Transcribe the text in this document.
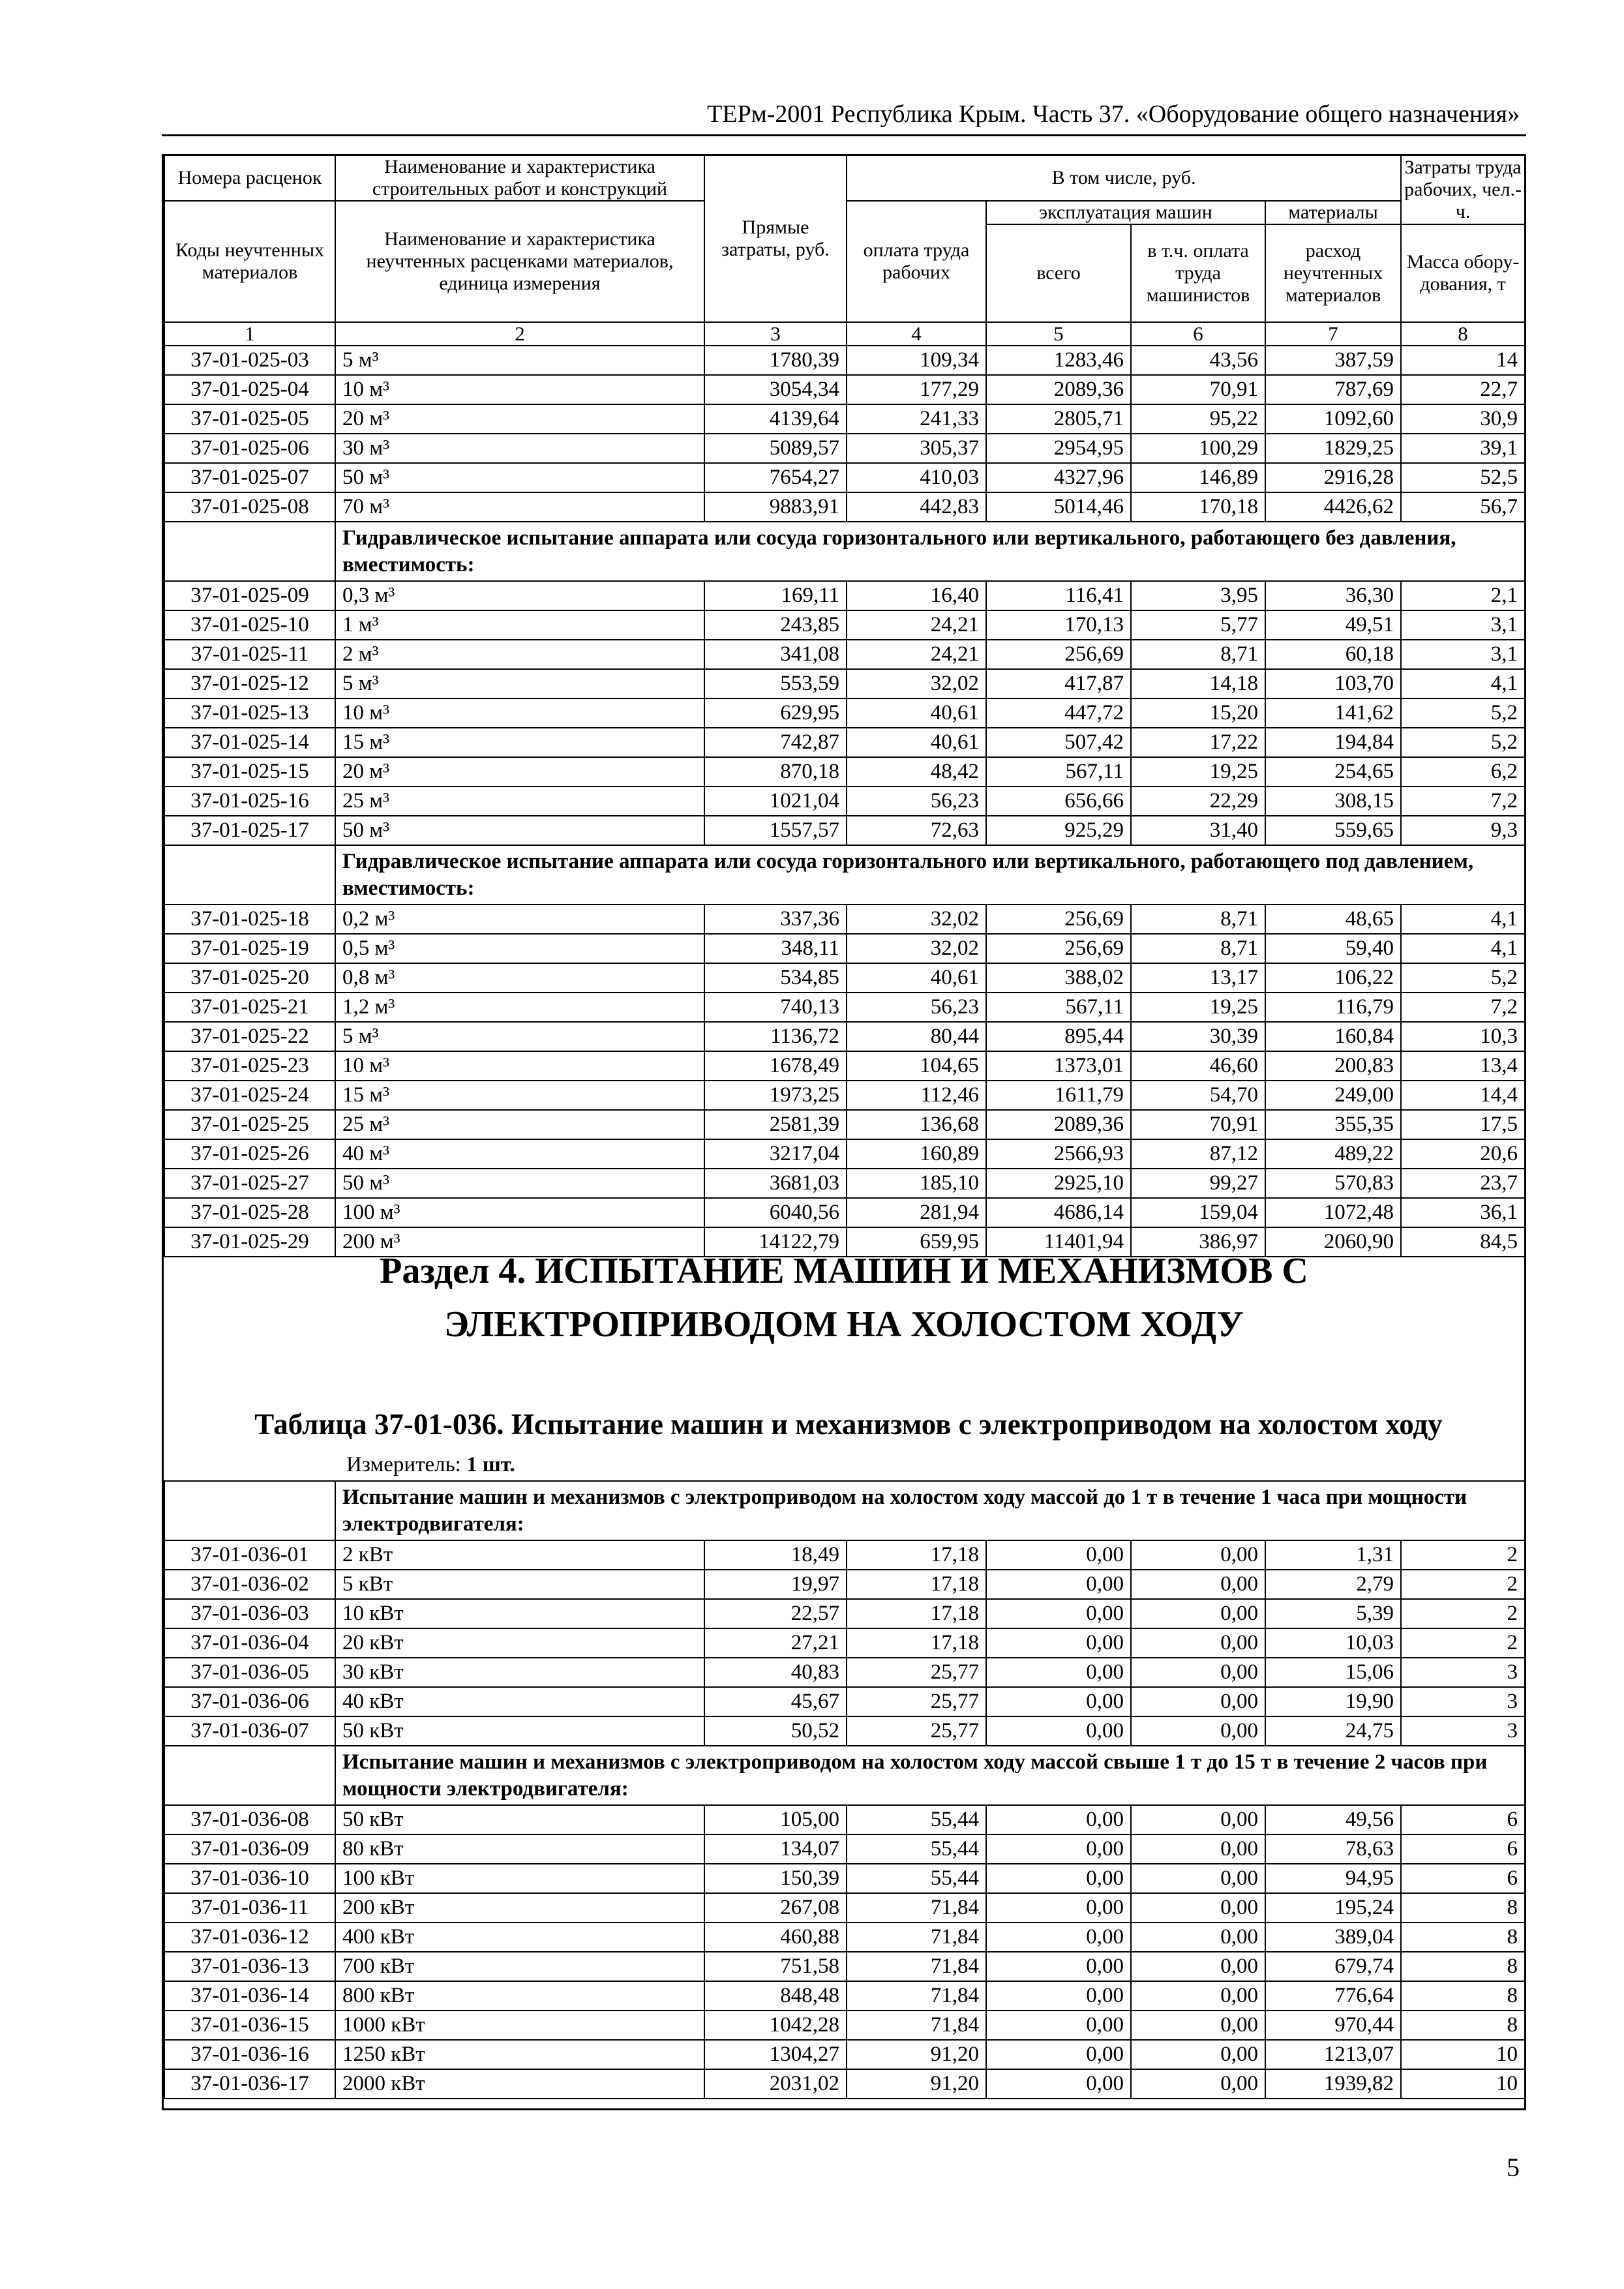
ТЕРм-2001 Республика Крым. Часть 37. «Оборудование общего назначения»
Номера расценок	Наименование и характеристика строительных работ и конструкций	Прямые затраты, руб.	В том числе, руб.				Затраты труда рабочих, чел.-ч.
Коды неучтенных материалов	Наименование и характеристика неучтенных расценками материалов, единица измерения		оплата труда рабочих	эксплуатация машин		материалы	
				всего	в т.ч. оплата труда машинистов	расход неучтенных материалов	Масса обору-дования, т
1	2	3	4	5	6	7	8
37-01-025-03	5 м³	1780,39	109,34	1283,46	43,56	387,59	14
37-01-025-04	10 м³	3054,34	177,29	2089,36	70,91	787,69	22,7
37-01-025-05	20 м³	4139,64	241,33	2805,71	95,22	1092,60	30,9
37-01-025-06	30 м³	5089,57	305,37	2954,95	100,29	1829,25	39,1
37-01-025-07	50 м³	7654,27	410,03	4327,96	146,89	2916,28	52,5
37-01-025-08	70 м³	9883,91	442,83	5014,46	170,18	4426,62	56,7
	Гидравлическое испытание аппарата или сосуда горизонтального или вертикального, работающего без давления, вместимость:						
37-01-025-09	0,3 м³	169,11	16,40	116,41	3,95	36,30	2,1
37-01-025-10	1 м³	243,85	24,21	170,13	5,77	49,51	3,1
37-01-025-11	2 м³	341,08	24,21	256,69	8,71	60,18	3,1
37-01-025-12	5 м³	553,59	32,02	417,87	14,18	103,70	4,1
37-01-025-13	10 м³	629,95	40,61	447,72	15,20	141,62	5,2
37-01-025-14	15 м³	742,87	40,61	507,42	17,22	194,84	5,2
37-01-025-15	20 м³	870,18	48,42	567,11	19,25	254,65	6,2
37-01-025-16	25 м³	1021,04	56,23	656,66	22,29	308,15	7,2
37-01-025-17	50 м³	1557,57	72,63	925,29	31,40	559,65	9,3
	Гидравлическое испытание аппарата или сосуда горизонтального или вертикального, работающего под давлением, вместимость:						
37-01-025-18	0,2 м³	337,36	32,02	256,69	8,71	48,65	4,1
37-01-025-19	0,5 м³	348,11	32,02	256,69	8,71	59,40	4,1
37-01-025-20	0,8 м³	534,85	40,61	388,02	13,17	106,22	5,2
37-01-025-21	1,2 м³	740,13	56,23	567,11	19,25	116,79	7,2
37-01-025-22	5 м³	1136,72	80,44	895,44	30,39	160,84	10,3
37-01-025-23	10 м³	1678,49	104,65	1373,01	46,60	200,83	13,4
37-01-025-24	15 м³	1973,25	112,46	1611,79	54,70	249,00	14,4
37-01-025-25	25 м³	2581,39	136,68	2089,36	70,91	355,35	17,5
37-01-025-26	40 м³	3217,04	160,89	2566,93	87,12	489,22	20,6
37-01-025-27	50 м³	3681,03	185,10	2925,10	99,27	570,83	23,7
37-01-025-28	100 м³	6040,56	281,94	4686,14	159,04	1072,48	36,1
37-01-025-29	200 м³	14122,79	659,95	11401,94	386,97	2060,90	84,5
Раздел 4. ИСПЫТАНИЕ МАШИН И МЕХАНИЗМОВ С
ЭЛЕКТРОПРИВОДОМ НА ХОЛОСТОМ ХОДУ
Таблица 37-01-036. Испытание машин и механизмов с электроприводом на холостом ходу
Измеритель: 1 шт.
	Испытание машин и механизмов с электроприводом на холостом ходу массой до 1 т в течение 1 часа при мощности электродвигателя:						
37-01-036-01	2 кВт	18,49	17,18	0,00	0,00	1,31	2
37-01-036-02	5 кВт	19,97	17,18	0,00	0,00	2,79	2
37-01-036-03	10 кВт	22,57	17,18	0,00	0,00	5,39	2
37-01-036-04	20 кВт	27,21	17,18	0,00	0,00	10,03	2
37-01-036-05	30 кВт	40,83	25,77	0,00	0,00	15,06	3
37-01-036-06	40 кВт	45,67	25,77	0,00	0,00	19,90	3
37-01-036-07	50 кВт	50,52	25,77	0,00	0,00	24,75	3
	Испытание машин и механизмов с электроприводом на холостом ходу массой свыше 1 т до 15 т в течение 2 часов при мощности электродвигателя:						
37-01-036-08	50 кВт	105,00	55,44	0,00	0,00	49,56	6
37-01-036-09	80 кВт	134,07	55,44	0,00	0,00	78,63	6
37-01-036-10	100 кВт	150,39	55,44	0,00	0,00	94,95	6
37-01-036-11	200 кВт	267,08	71,84	0,00	0,00	195,24	8
37-01-036-12	400 кВт	460,88	71,84	0,00	0,00	389,04	8
37-01-036-13	700 кВт	751,58	71,84	0,00	0,00	679,74	8
37-01-036-14	800 кВт	848,48	71,84	0,00	0,00	776,64	8
37-01-036-15	1000 кВт	1042,28	71,84	0,00	0,00	970,44	8
37-01-036-16	1250 кВт	1304,27	91,20	0,00	0,00	1213,07	10
37-01-036-17	2000 кВт	2031,02	91,20	0,00	0,00	1939,82	10
5
